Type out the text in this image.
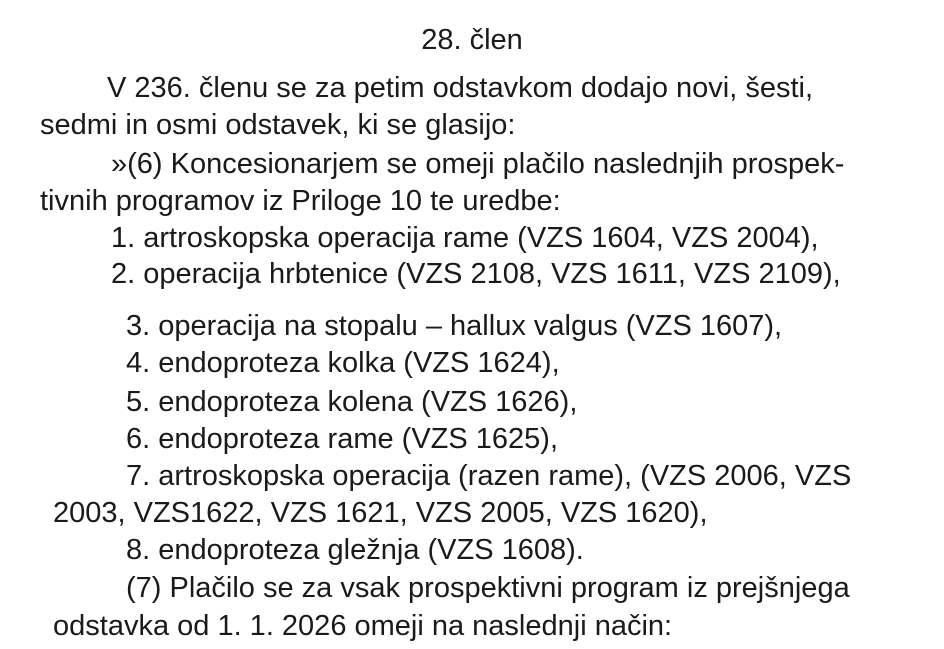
28. člen
V 236. členu se za petim odstavkom dodajo novi, šesti,
sedmi in osmi odstavek, ki se glasijo:
»(6) Koncesionarjem se omeji plačilo naslednjih prospek-
tivnih programov iz Priloge 10 te uredbe:
1. artroskopska operacija rame (VZS 1604, VZS 2004),
2. operacija hrbtenice (VZS 2108, VZS 1611, VZS 2109),
3. operacija na stopalu – hallux valgus (VZS 1607),
4. endoproteza kolka (VZS 1624),
5. endoproteza kolena (VZS 1626),
6. endoproteza rame (VZS 1625),
7. artroskopska operacija (razen rame), (VZS 2006, VZS
2003, VZS1622, VZS 1621, VZS 2005, VZS 1620),
8. endoproteza gležnja (VZS 1608).
(7) Plačilo se za vsak prospektivni program iz prejšnjega
odstavka od 1. 1. 2026 omeji na naslednji način:
